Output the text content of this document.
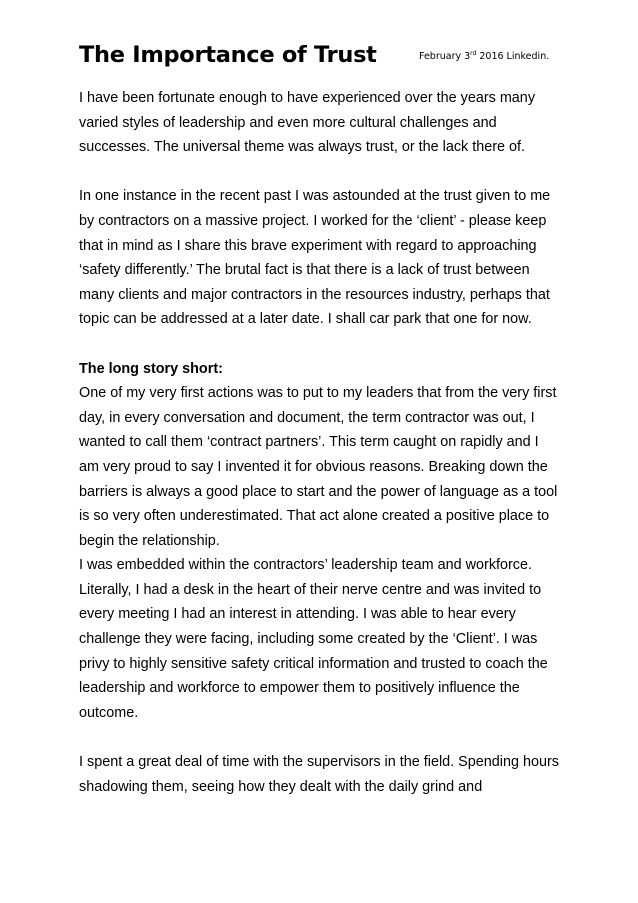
The Importance of Trust	February 3rd 2016 Linkedin.
I have been fortunate enough to have experienced over the years many
varied styles of leadership and even more cultural challenges and
successes. The universal theme was always trust, or the lack there of.
In one instance in the recent past I was astounded at the trust given to me
by contractors on a massive project. I worked for the ‘client’ - please keep
that in mind as I share this brave experiment with regard to approaching
‘safety differently.’ The brutal fact is that there is a lack of trust between
many clients and major contractors in the resources industry, perhaps that
topic can be addressed at a later date. I shall car park that one for now.
The long story short:
One of my very first actions was to put to my leaders that from the very first
day, in every conversation and document, the term contractor was out, I
wanted to call them ‘contract partners’. This term caught on rapidly and I
am very proud to say I invented it for obvious reasons. Breaking down the
barriers is always a good place to start and the power of language as a tool
is so very often underestimated. That act alone created a positive place to
begin the relationship.
I was embedded within the contractors’ leadership team and workforce.
Literally, I had a desk in the heart of their nerve centre and was invited to
every meeting I had an interest in attending. I was able to hear every
challenge they were facing, including some created by the ‘Client’. I was
privy to highly sensitive safety critical information and trusted to coach the
leadership and workforce to empower them to positively influence the
outcome.
I spent a great deal of time with the supervisors in the field. Spending hours
shadowing them, seeing how they dealt with the daily grind and
